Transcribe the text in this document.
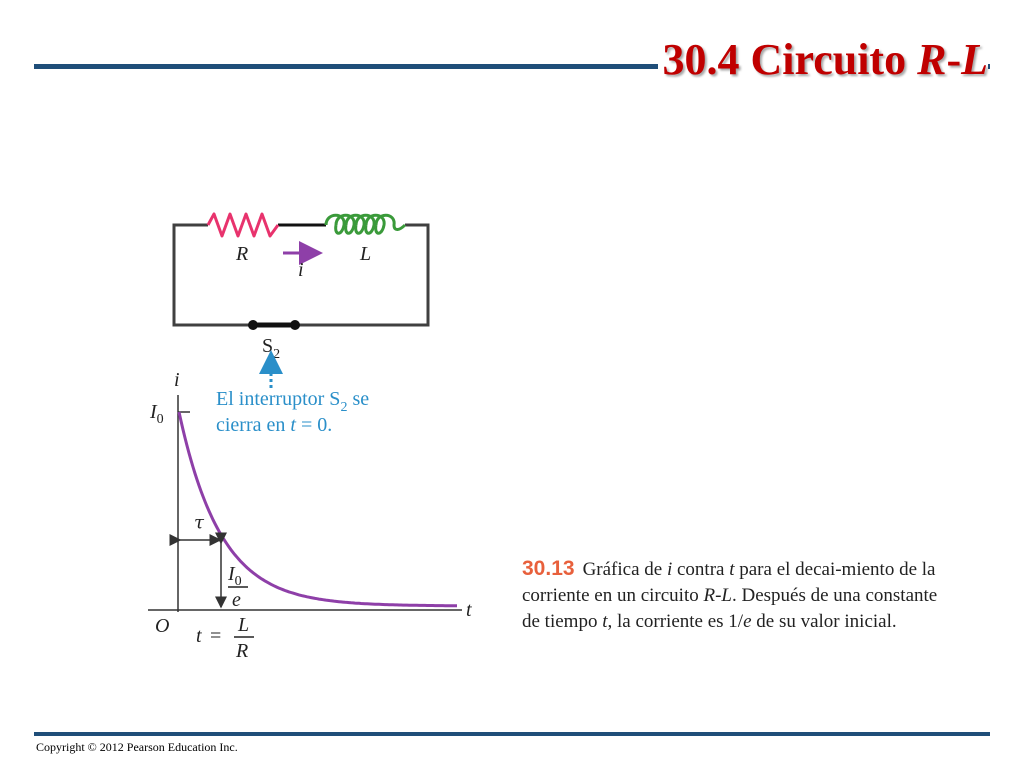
30.4 Circuito R-L
R	L
i
$S_2$
El interruptor $S_2$ se
cierra en t = 0.
i
t
O
$I_0$
τ
$I_0$
e
t = L
R
30.13 Gráfica de i contra t para el decai-miento de la corriente en un circuito R-L. Después de una constante de tiempo t, la corriente es 1/e de su valor inicial.
Copyright © 2012 Pearson Education Inc.
